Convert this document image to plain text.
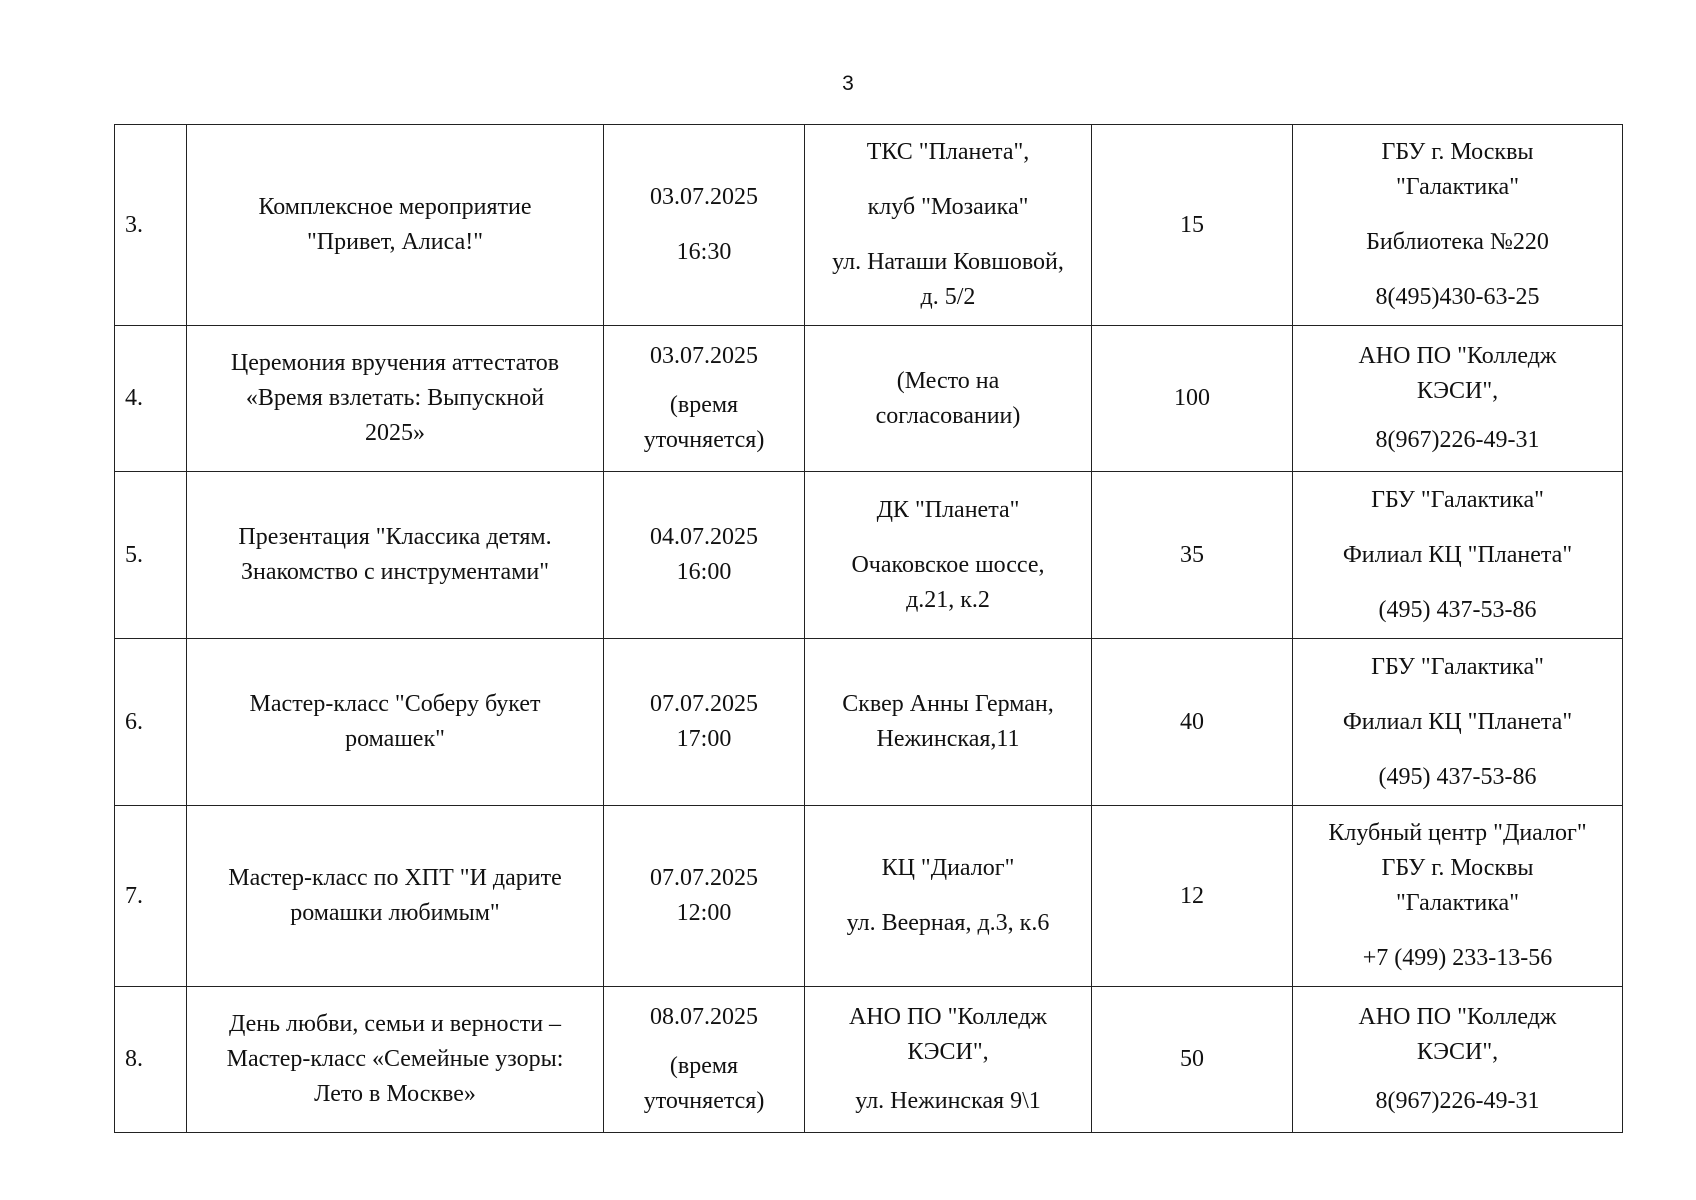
3
3.	Комплексное мероприятие
"Привет, Алиса!"	03.07.2025
16:30	ТКС "Планета",
клуб "Мозаика"
ул. Наташи Ковшовой,
д. 5/2	15	ГБУ г. Москвы
"Галактика"
Библиотека №220
8(495)430-63-25

4.	Церемония вручения аттестатов
«Время взлетать: Выпускной
2025»	03.07.2025
(время
уточняется)	(Место на
согласовании)	100	АНО ПО "Колледж
КЭСИ",
8(967)226-49-31

5.	Презентация "Классика детям.
Знакомство с инструментами"	04.07.2025
16:00	ДК "Планета"
Очаковское шоссе,
д.21, к.2	35	ГБУ "Галактика"
Филиал КЦ "Планета"
(495) 437-53-86

6.	Мастер-класс "Соберу букет
ромашек"	07.07.2025
17:00	Сквер Анны Герман,
Нежинская,11	40	ГБУ "Галактика"
Филиал КЦ "Планета"
(495) 437-53-86

7.	Мастер-класс по ХПТ "И дарите
ромашки любимым"	07.07.2025
12:00	КЦ "Диалог"
ул. Веерная, д.3, к.6	12	Клубный центр "Диалог"
ГБУ г. Москвы
"Галактика"
+7 (499) 233-13-56

8.	День любви, семьи и верности –
Мастер-класс «Семейные узоры:
Лето в Москве»	08.07.2025
(время
уточняется)	АНО ПО "Колледж
КЭСИ",
ул. Нежинская 9\1	50	АНО ПО "Колледж
КЭСИ",
8(967)226-49-31
